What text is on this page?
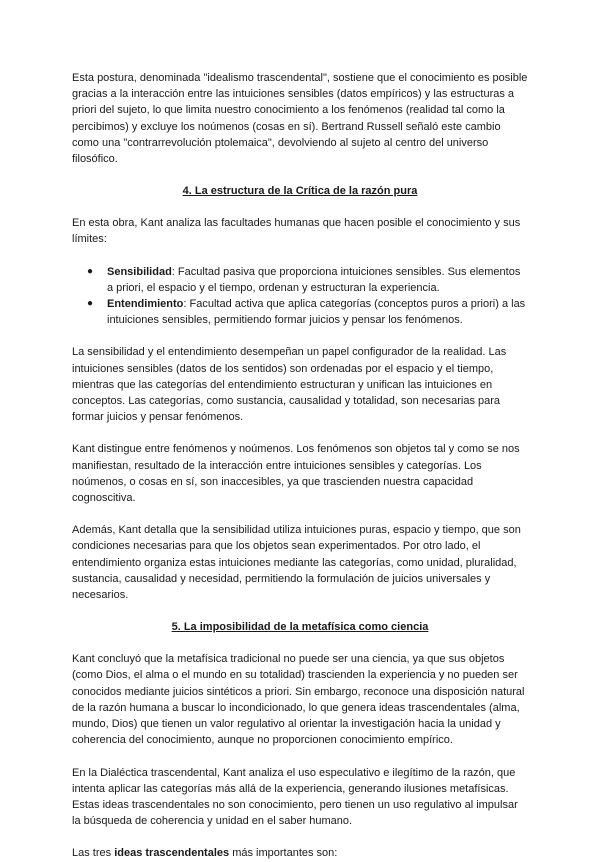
Esta postura, denominada "idealismo trascendental", sostiene que el conocimiento es posible gracias a la interacción entre las intuiciones sensibles (datos empíricos) y las estructuras a priori del sujeto, lo que limita nuestro conocimiento a los fenómenos (realidad tal como la percibimos) y excluye los noúmenos (cosas en sí). Bertrand Russell señaló este cambio como una "contrarrevolución ptolemaica", devolviendo al sujeto al centro del universo filosófico.

4. La estructura de la Crítica de la razón pura

En esta obra, Kant analiza las facultades humanas que hacen posible el conocimiento y sus límites:

● Sensibilidad: Facultad pasiva que proporciona intuiciones sensibles. Sus elementos a priori, el espacio y el tiempo, ordenan y estructuran la experiencia.
● Entendimiento: Facultad activa que aplica categorías (conceptos puros a priori) a las intuiciones sensibles, permitiendo formar juicios y pensar los fenómenos.

La sensibilidad y el entendimiento desempeñan un papel configurador de la realidad. Las intuiciones sensibles (datos de los sentidos) son ordenadas por el espacio y el tiempo, mientras que las categorías del entendimiento estructuran y unifican las intuiciones en conceptos. Las categorías, como sustancia, causalidad y totalidad, son necesarias para formar juicios y pensar fenómenos.

Kant distingue entre fenómenos y noúmenos. Los fenómenos son objetos tal y como se nos manifiestan, resultado de la interacción entre intuiciones sensibles y categorías. Los noúmenos, o cosas en sí, son inaccesibles, ya que trascienden nuestra capacidad cognoscitiva.

Además, Kant detalla que la sensibilidad utiliza intuiciones puras, espacio y tiempo, que son condiciones necesarias para que los objetos sean experimentados. Por otro lado, el entendimiento organiza estas intuiciones mediante las categorías, como unidad, pluralidad, sustancia, causalidad y necesidad, permitiendo la formulación de juicios universales y necesarios.

5. La imposibilidad de la metafísica como ciencia

Kant concluyó que la metafísica tradicional no puede ser una ciencia, ya que sus objetos (como Dios, el alma o el mundo en su totalidad) trascienden la experiencia y no pueden ser conocidos mediante juicios sintéticos a priori. Sin embargo, reconoce una disposición natural de la razón humana a buscar lo incondicionado, lo que genera ideas trascendentales (alma, mundo, Dios) que tienen un valor regulativo al orientar la investigación hacia la unidad y coherencia del conocimiento, aunque no proporcionen conocimiento empírico.

En la Dialéctica trascendental, Kant analiza el uso especulativo e ilegítimo de la razón, que intenta aplicar las categorías más allá de la experiencia, generando ilusiones metafísicas. Estas ideas trascendentales no son conocimiento, pero tienen un uso regulativo al impulsar la búsqueda de coherencia y unidad en el saber humano.

Las tres ideas trascendentales más importantes son:
